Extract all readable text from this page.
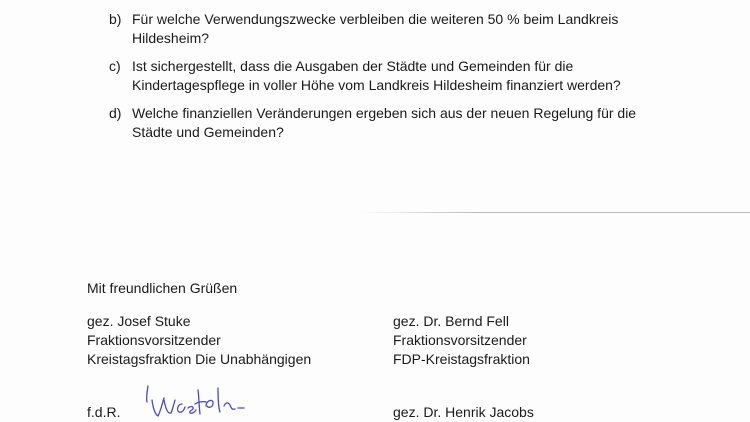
b) Für welche Verwendungszwecke verbleiben die weiteren 50 % beim Landkreis
Hildesheim?
c) Ist sichergestellt, dass die Ausgaben der Städte und Gemeinden für die
Kindertagespflege in voller Höhe vom Landkreis Hildesheim finanziert werden?
d) Welche finanziellen Veränderungen ergeben sich aus der neuen Regelung für die
Städte und Gemeinden?
Mit freundlichen Grüßen
gez. Josef Stuke
Fraktionsvorsitzender
Kreistagsfraktion Die Unabhängigen
gez. Dr. Bernd Fell
Fraktionsvorsitzender
FDP-Kreistagsfraktion
f.d.R.	gez. Dr. Henrik Jacobs
